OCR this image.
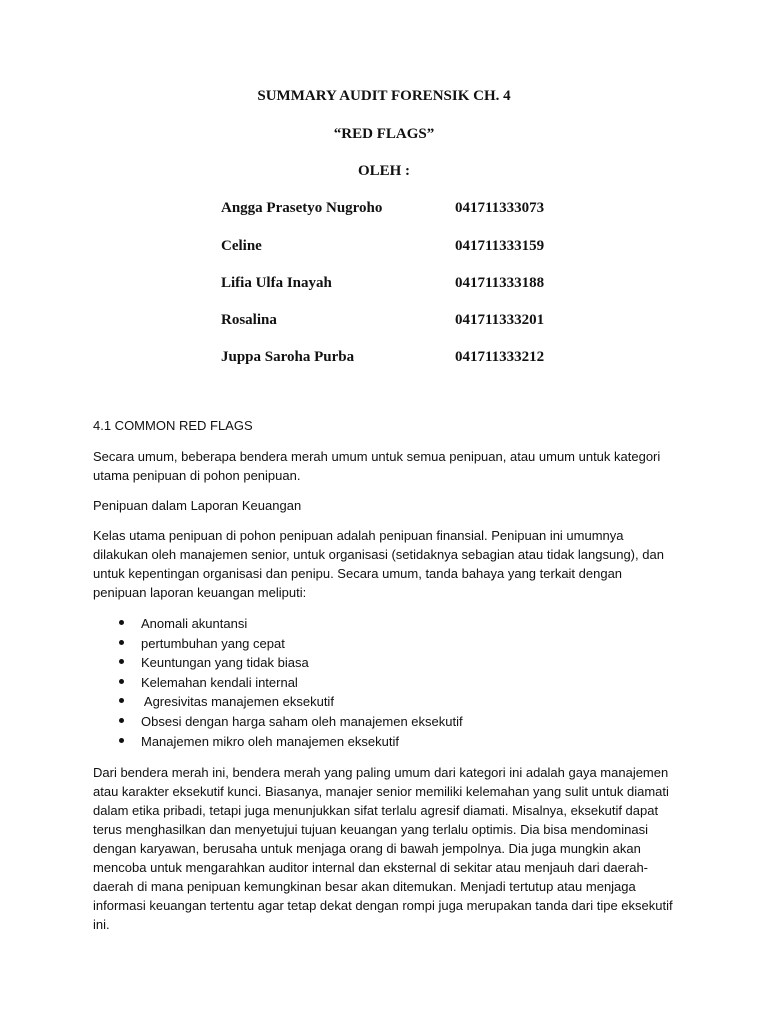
SUMMARY AUDIT FORENSIK CH. 4
“RED FLAGS”
OLEH :
Angga Prasetyo Nugroho	041711333073
Celine	041711333159
Lifia Ulfa Inayah	041711333188
Rosalina	041711333201
Juppa Saroha Purba	041711333212
4.1 COMMON RED FLAGS

Secara umum, beberapa bendera merah umum untuk semua penipuan, atau umum untuk kategori utama penipuan di pohon penipuan.

Penipuan dalam Laporan Keuangan

Kelas utama penipuan di pohon penipuan adalah penipuan finansial. Penipuan ini umumnya dilakukan oleh manajemen senior, untuk organisasi (setidaknya sebagian atau tidak langsung), dan untuk kepentingan organisasi dan penipu. Secara umum, tanda bahaya yang terkait dengan penipuan laporan keuangan meliputi:

Anomali akuntansi
pertumbuhan yang cepat
Keuntungan yang tidak biasa
Kelemahan kendali internal
Agresivitas manajemen eksekutif
Obsesi dengan harga saham oleh manajemen eksekutif
Manajemen mikro oleh manajemen eksekutif

Dari bendera merah ini, bendera merah yang paling umum dari kategori ini adalah gaya manajemen atau karakter eksekutif kunci. Biasanya, manajer senior memiliki kelemahan yang sulit untuk diamati dalam etika pribadi, tetapi juga menunjukkan sifat terlalu agresif diamati. Misalnya, eksekutif dapat terus menghasilkan dan menyetujui tujuan keuangan yang terlalu optimis. Dia bisa mendominasi dengan karyawan, berusaha untuk menjaga orang di bawah jempolnya. Dia juga mungkin akan mencoba untuk mengarahkan auditor internal dan eksternal di sekitar atau menjauh dari daerah-daerah di mana penipuan kemungkinan besar akan ditemukan. Menjadi tertutup atau menjaga informasi keuangan tertentu agar tetap dekat dengan rompi juga merupakan tanda dari tipe eksekutif ini.
